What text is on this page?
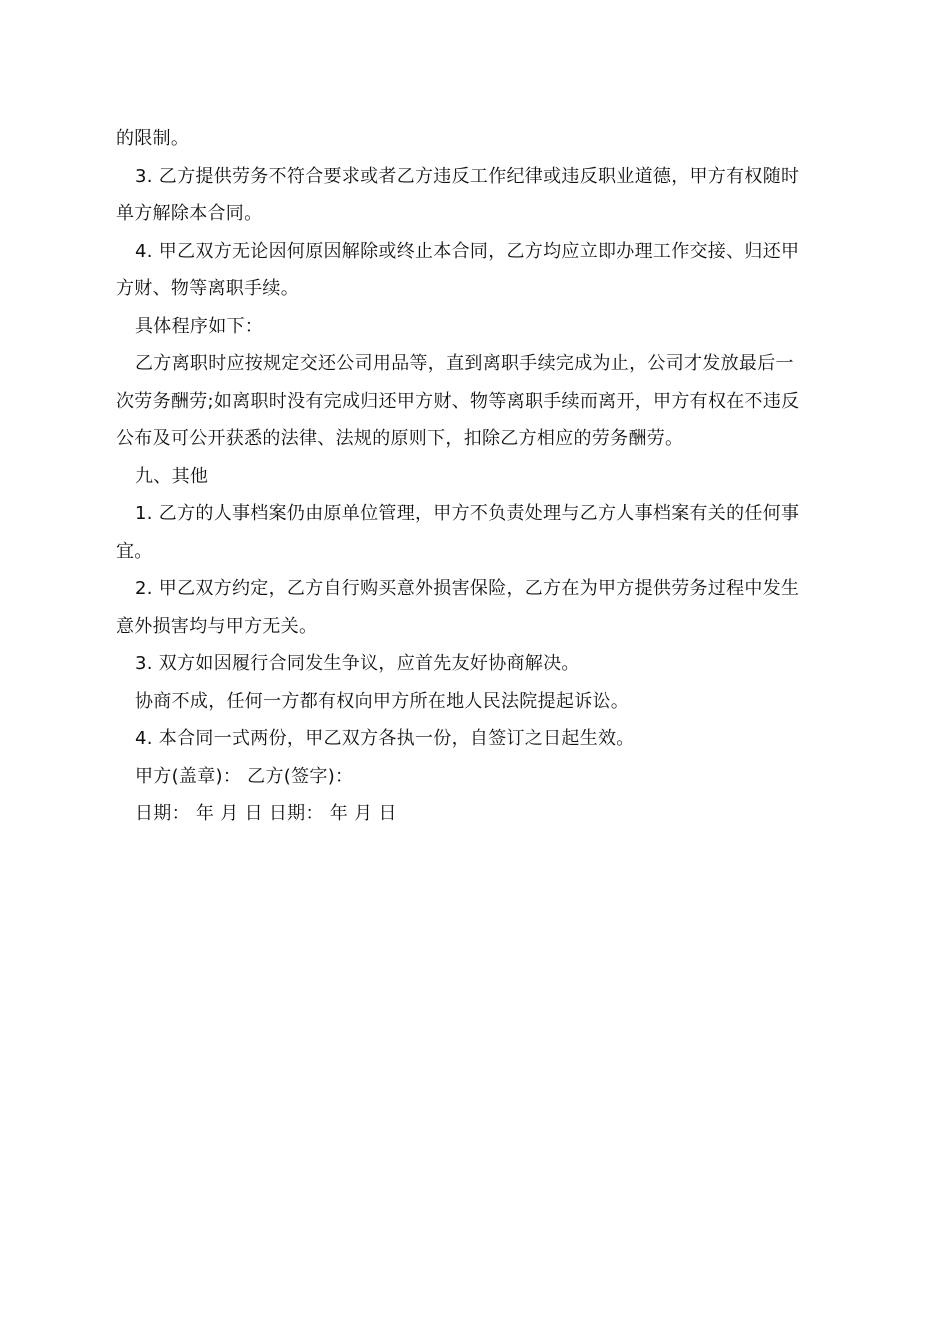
的限制。
3. 乙方提供劳务不符合要求或者乙方违反工作纪律或违反职业道德，甲方有权随时
单方解除本合同。
4. 甲乙双方无论因何原因解除或终止本合同，乙方均应立即办理工作交接、归还甲
方财、物等离职手续。
具体程序如下：
乙方离职时应按规定交还公司用品等，直到离职手续完成为止，公司才发放最后一
次劳务酬劳;如离职时没有完成归还甲方财、物等离职手续而离开，甲方有权在不违反
公布及可公开获悉的法律、法规的原则下，扣除乙方相应的劳务酬劳。
九、其他
1. 乙方的人事档案仍由原单位管理，甲方不负责处理与乙方人事档案有关的任何事
宜。
2. 甲乙双方约定，乙方自行购买意外损害保险，乙方在为甲方提供劳务过程中发生
意外损害均与甲方无关。
3. 双方如因履行合同发生争议，应首先友好协商解决。
协商不成，任何一方都有权向甲方所在地人民法院提起诉讼。
4. 本合同一式两份，甲乙双方各执一份，自签订之日起生效。
甲方(盖章)： 乙方(签字)：
日期： 年 月 日 日期： 年 月 日
